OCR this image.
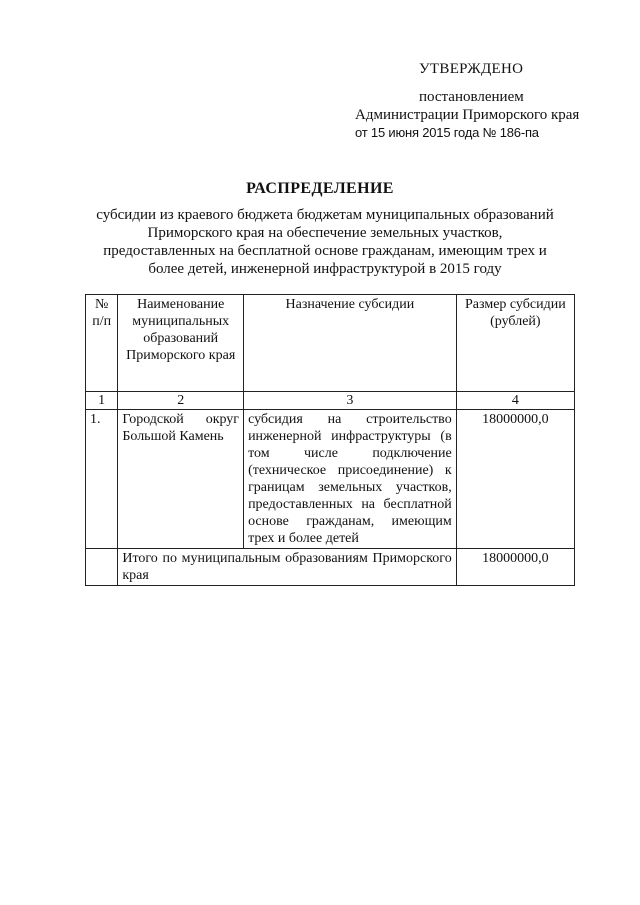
УТВЕРЖДЕНО
постановлением
Администрации Приморского края
от 15 июня 2015 года № 186-па
РАСПРЕДЕЛЕНИЕ
субсидии из краевого бюджета бюджетам муниципальных образований Приморского края на обеспечение земельных участков, предоставленных на бесплатной основе гражданам, имеющим трех и более детей, инженерной инфраструктурой в 2015 году
№ п/п	Наименование муниципальных образований Приморского края	Назначение субсидии	Размер субсидии (рублей)
1	2	3	4
1.	Городской округ Большой Камень	субсидия на строительство инженерной инфраструктуры (в том числе подключение (техническое присоединение) к границам земельных участков, предоставленных на бесплатной основе гражданам, имеющим трех и более детей	18000000,0
	Итого по муниципальным образованиям Приморского края		18000000,0
